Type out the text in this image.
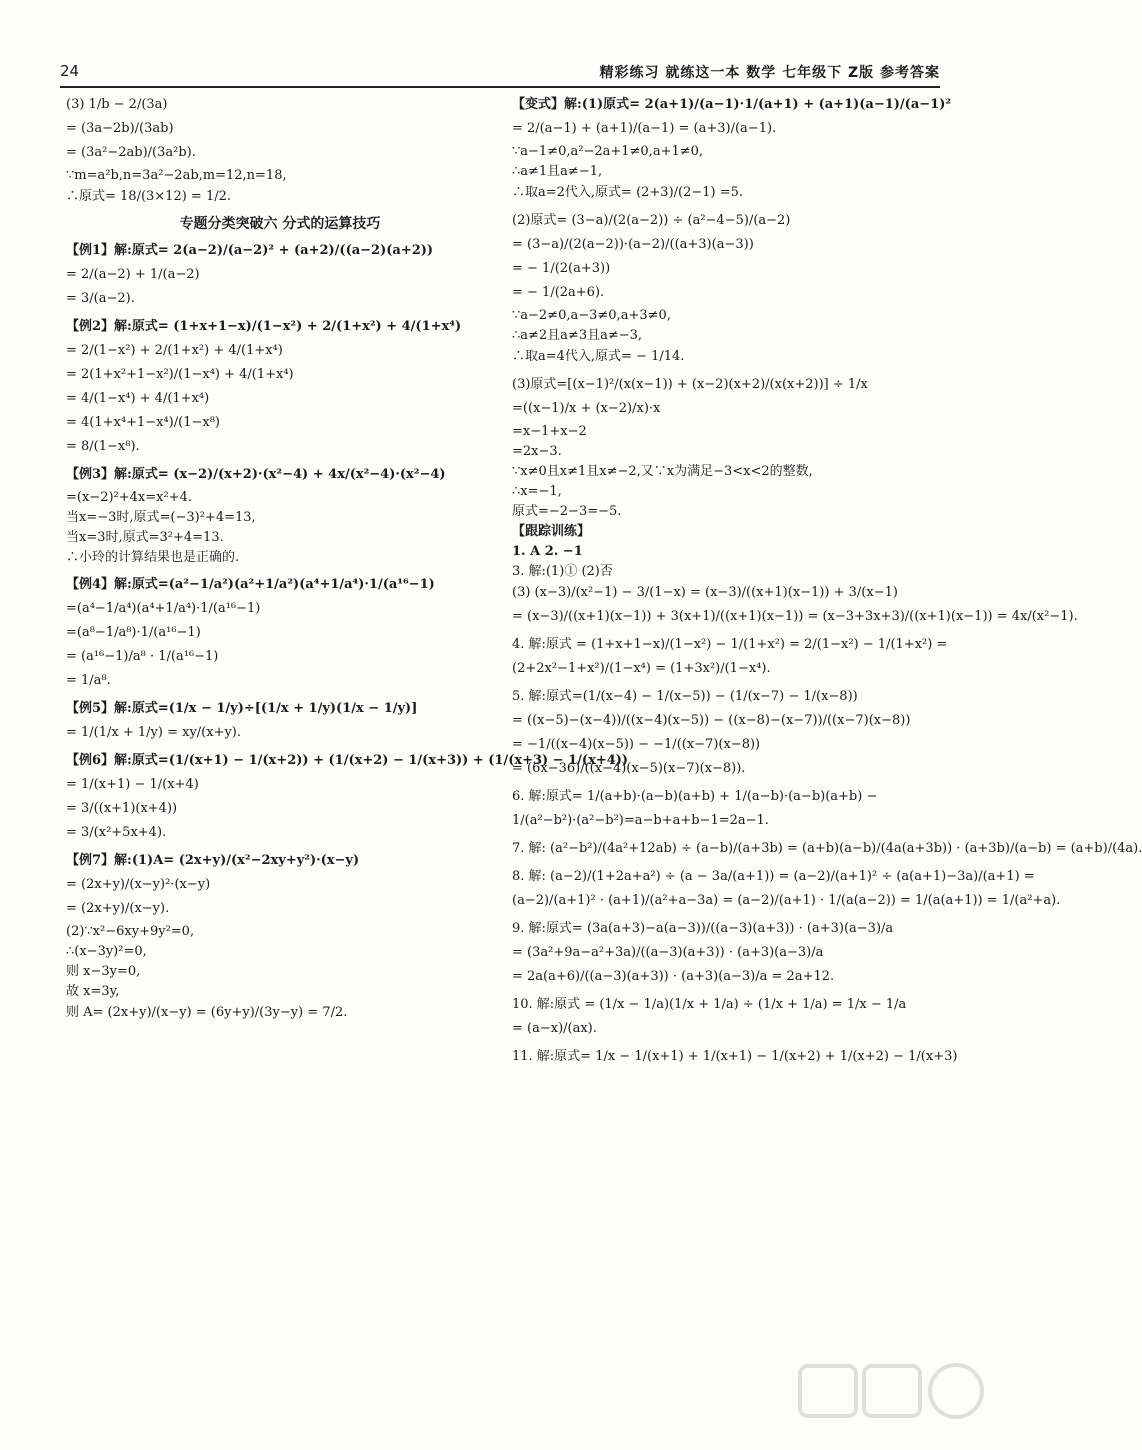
24	精彩练习 就练这一本 数学 七年级下 Z版 参考答案
(3) 1/b − 2/(3a)
= (3a−2b)/(3ab)
= (3a²−2ab)/(3a²b).
∵m=a²b,n=3a²−2ab,m=12,n=18,
∴原式= 18/(3×12) = 1/2.
专题分类突破六 分式的运算技巧
【例1】解:原式= 2(a−2)/(a−2)² + (a+2)/((a−2)(a+2))
= 2/(a−2) + 1/(a−2)
= 3/(a−2).
【例2】解:原式= (1+x+1−x)/(1−x²) + 2/(1+x²) + 4/(1+x⁴)
= 2/(1−x²) + 2/(1+x²) + 4/(1+x⁴)
= 2(1+x²+1−x²)/(1−x⁴) + 4/(1+x⁴)
= 4/(1−x⁴) + 4/(1+x⁴)
= 4(1+x⁴+1−x⁴)/(1−x⁸)
= 8/(1−x⁸).
【例3】解:原式= (x−2)/(x+2)·(x²−4) + 4x/(x²−4)·(x²−4)
=(x−2)²+4x=x²+4.
当x=−3时,原式=(−3)²+4=13,
当x=3时,原式=3²+4=13.
∴小玲的计算结果也是正确的.
【例4】解:原式=(a²−1/a²)(a²+1/a²)(a⁴+1/a⁴)·1/(a¹⁶−1)
=(a⁴−1/a⁴)(a⁴+1/a⁴)·1/(a¹⁶−1)
=(a⁸−1/a⁸)·1/(a¹⁶−1)
= (a¹⁶−1)/a⁸ · 1/(a¹⁶−1)
= 1/a⁸.
【例5】解:原式=(1/x − 1/y)÷[(1/x + 1/y)(1/x − 1/y)]
= 1/(1/x + 1/y) = xy/(x+y).
【例6】解:原式=(1/(x+1) − 1/(x+2)) + (1/(x+2) − 1/(x+3)) + (1/(x+3) − 1/(x+4))
= 1/(x+1) − 1/(x+4)
= 3/((x+1)(x+4))
= 3/(x²+5x+4).
【例7】解:(1)A= (2x+y)/(x²−2xy+y²)·(x−y)
= (2x+y)/(x−y)²·(x−y)
= (2x+y)/(x−y).
(2)∵x²−6xy+9y²=0,
∴(x−3y)²=0,
则 x−3y=0,
故 x=3y,
则 A= (2x+y)/(x−y) = (6y+y)/(3y−y) = 7/2.
【变式】解:(1)原式= 2(a+1)/(a−1)·1/(a+1) + (a+1)(a−1)/(a−1)²
= 2/(a−1) + (a+1)/(a−1) = (a+3)/(a−1).
∵a−1≠0,a²−2a+1≠0,a+1≠0,
∴a≠1且a≠−1,
∴取a=2代入,原式= (2+3)/(2−1) =5.
(2)原式= (3−a)/(2(a−2)) ÷ (a²−4−5)/(a−2)
= (3−a)/(2(a−2))·(a−2)/((a+3)(a−3))
= − 1/(2(a+3))
= − 1/(2a+6).
∵a−2≠0,a−3≠0,a+3≠0,
∴a≠2且a≠3且a≠−3,
∴取a=4代入,原式= − 1/14.
(3)原式=[(x−1)²/(x(x−1)) + (x−2)(x+2)/(x(x+2))] ÷ 1/x
=((x−1)/x + (x−2)/x)·x
=x−1+x−2
=2x−3.
∵x≠0且x≠1且x≠−2,又∵x为满足−3<x<2的整数,
∴x=−1,
原式=−2−3=−5.
【跟踪训练】
1. A 2. −1
3. 解:(1)① (2)否
(3) (x−3)/(x²−1) − 3/(1−x) = (x−3)/((x+1)(x−1)) + 3/(x−1)
= (x−3)/((x+1)(x−1)) + 3(x+1)/((x+1)(x−1)) = (x−3+3x+3)/((x+1)(x−1)) = 4x/(x²−1).
4. 解:原式 = (1+x+1−x)/(1−x²) − 1/(1+x²) = 2/(1−x²) − 1/(1+x²) =
(2+2x²−1+x²)/(1−x⁴) = (1+3x²)/(1−x⁴).
5. 解:原式=(1/(x−4) − 1/(x−5)) − (1/(x−7) − 1/(x−8))
= ((x−5)−(x−4))/((x−4)(x−5)) − ((x−8)−(x−7))/((x−7)(x−8))
= −1/((x−4)(x−5)) − −1/((x−7)(x−8))
= (6x−36)/((x−4)(x−5)(x−7)(x−8)).
6. 解:原式= 1/(a+b)·(a−b)(a+b) + 1/(a−b)·(a−b)(a+b) −
1/(a²−b²)·(a²−b²)=a−b+a+b−1=2a−1.
7. 解: (a²−b²)/(4a²+12ab) ÷ (a−b)/(a+3b) = (a+b)(a−b)/(4a(a+3b)) · (a+3b)/(a−b) = (a+b)/(4a).
8. 解: (a−2)/(1+2a+a²) ÷ (a − 3a/(a+1)) = (a−2)/(a+1)² ÷ (a(a+1)−3a)/(a+1) =
(a−2)/(a+1)² · (a+1)/(a²+a−3a) = (a−2)/(a+1) · 1/(a(a−2)) = 1/(a(a+1)) = 1/(a²+a).
9. 解:原式= (3a(a+3)−a(a−3))/((a−3)(a+3)) · (a+3)(a−3)/a
= (3a²+9a−a²+3a)/((a−3)(a+3)) · (a+3)(a−3)/a
= 2a(a+6)/((a−3)(a+3)) · (a+3)(a−3)/a = 2a+12.
10. 解:原式 = (1/x − 1/a)(1/x + 1/a) ÷ (1/x + 1/a) = 1/x − 1/a
= (a−x)/(ax).
11. 解:原式= 1/x − 1/(x+1) + 1/(x+1) − 1/(x+2) + 1/(x+2) − 1/(x+3)
